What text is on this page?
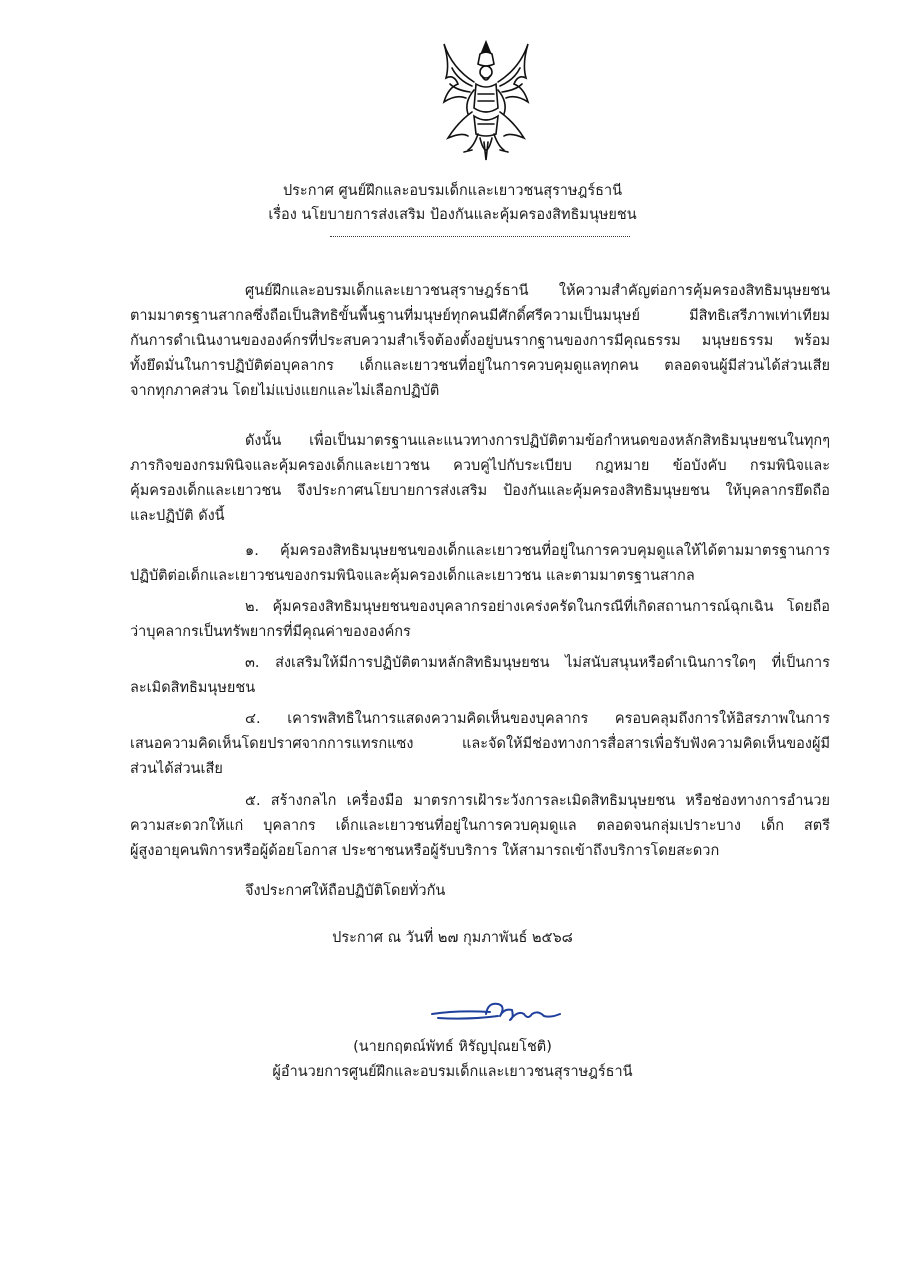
ประกาศ ศูนย์ฝึกและอบรมเด็กและเยาวชนสุราษฎร์ธานี
เรื่อง นโยบายการส่งเสริม ป้องกันและคุ้มครองสิทธิมนุษยชน
ศูนย์ฝึกและอบรมเด็กและเยาวชนสุราษฎร์ธานี ให้ความสำคัญต่อการคุ้มครองสิทธิมนุษยชน
ตามมาตรฐานสากลซึ่งถือเป็นสิทธิขั้นพื้นฐานที่มนุษย์ทุกคนมีศักดิ์ศรีความเป็นมนุษย์ มีสิทธิเสรีภาพเท่าเทียม
กันการดำเนินงานขององค์กรที่ประสบความสำเร็จต้องตั้งอยู่บนรากฐานของการมีคุณธรรม มนุษยธรรม พร้อม
ทั้งยึดมั่นในการปฏิบัติต่อบุคลากร เด็กและเยาวชนที่อยู่ในการควบคุมดูแลทุกคน ตลอดจนผู้มีส่วนได้ส่วนเสีย
จากทุกภาคส่วน โดยไม่แบ่งแยกและไม่เลือกปฏิบัติ
ดังนั้น เพื่อเป็นมาตรฐานและแนวทางการปฏิบัติตามข้อกำหนดของหลักสิทธิมนุษยชนในทุกๆ
ภารกิจของกรมพินิจและคุ้มครองเด็กและเยาวชน ควบคู่ไปกับระเบียบ กฎหมาย ข้อบังคับ กรมพินิจและ
คุ้มครองเด็กและเยาวชน จึงประกาศนโยบายการส่งเสริม ป้องกันและคุ้มครองสิทธิมนุษยชน ให้บุคลากรยึดถือ
และปฏิบัติ ดังนี้
๑. คุ้มครองสิทธิมนุษยชนของเด็กและเยาวชนที่อยู่ในการควบคุมดูแลให้ได้ตามมาตรฐานการ
ปฏิบัติต่อเด็กและเยาวชนของกรมพินิจและคุ้มครองเด็กและเยาวชน และตามมาตรฐานสากล
๒. คุ้มครองสิทธิมนุษยชนของบุคลากรอย่างเคร่งครัดในกรณีที่เกิดสถานการณ์ฉุกเฉิน โดยถือ
ว่าบุคลากรเป็นทรัพยากรที่มีคุณค่าขององค์กร
๓. ส่งเสริมให้มีการปฏิบัติตามหลักสิทธิมนุษยชน ไม่สนับสนุนหรือดำเนินการใดๆ ที่เป็นการ
ละเมิดสิทธิมนุษยชน
๔. เคารพสิทธิในการแสดงความคิดเห็นของบุคลากร ครอบคลุมถึงการให้อิสรภาพในการ
เสนอความคิดเห็นโดยปราศจากการแทรกแซง และจัดให้มีช่องทางการสื่อสารเพื่อรับฟังความคิดเห็นของผู้มี
ส่วนได้ส่วนเสีย
๕. สร้างกลไก เครื่องมือ มาตรการเฝ้าระวังการละเมิดสิทธิมนุษยชน หรือช่องทางการอำนวย
ความสะดวกให้แก่ บุคลากร เด็กและเยาวชนที่อยู่ในการควบคุมดูแล ตลอดจนกลุ่มเปราะบาง เด็ก สตรี
ผู้สูงอายุคนพิการหรือผู้ด้อยโอกาส ประชาชนหรือผู้รับบริการ ให้สามารถเข้าถึงบริการโดยสะดวก
จึงประกาศให้ถือปฏิบัติโดยทั่วกัน
ประกาศ ณ วันที่ ๒๗ กุมภาพันธ์ ๒๕๖๘
(นายกฤตณ์พัทธ์ หิรัญปุณยโชติ)
ผู้อำนวยการศูนย์ฝึกและอบรมเด็กและเยาวชนสุราษฎร์ธานี
